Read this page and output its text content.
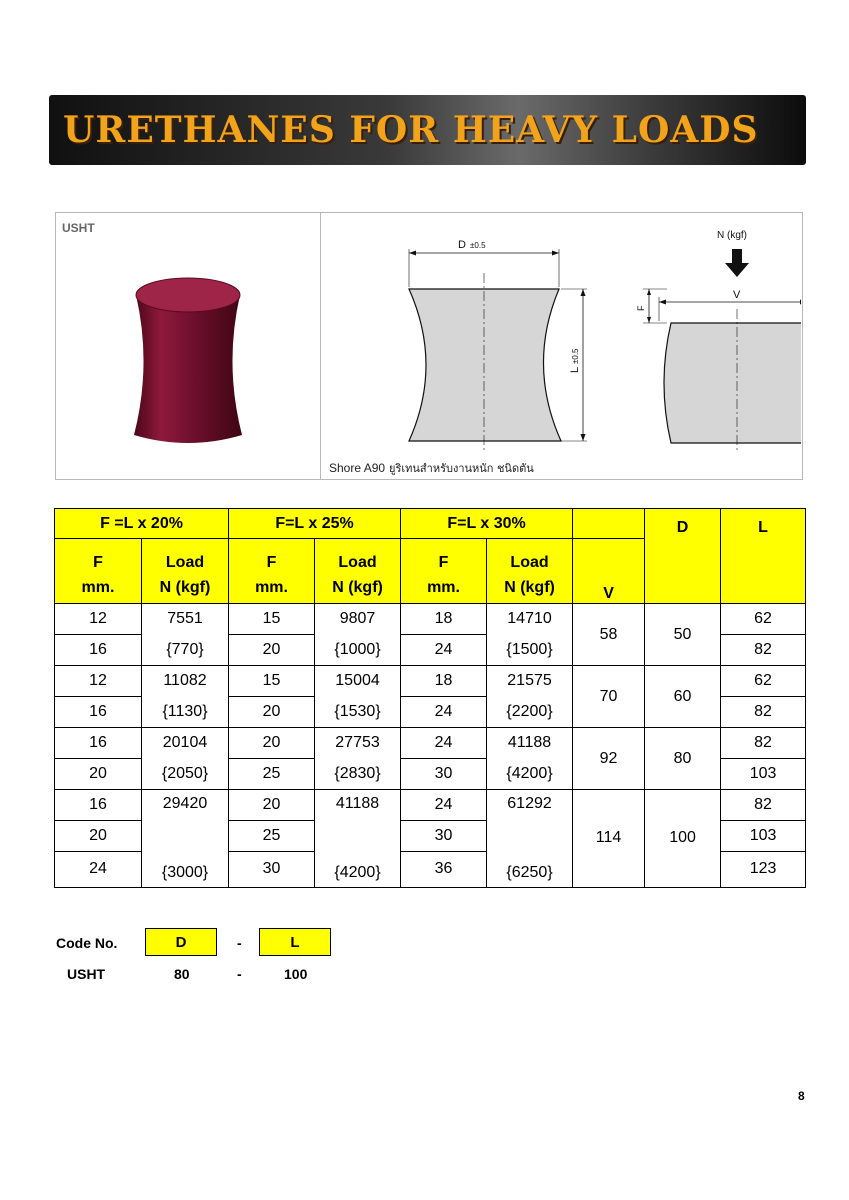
URETHANES FOR HEAVY LOADS
USHT
D ±0.5
L
±0.5
F
V
N (kgf)
Shore A90 ยูริเทนสำหรับงานหนัก ชนิดตัน
F =L x 20%		F=L x 25%		F=L x 30%			D	L
F	Load	F	Load	F	Load	V		
mm.	N (kgf)	mm.	N (kgf)	mm.	N (kgf)			
12	7551	15	9807	18	14710	58	50	62
16	{770}	20	{1000}	24	{1500}			82
12	11082	15	15004	18	21575	70	60	62
16	{1130}	20	{1530}	24	{2200}			82
16	20104	20	27753	24	41188	92	80	82
20	{2050}	25	{2830}	30	{4200}			103
16	29420	20	41188	24	61292	114	100	82
20		25		30				103
24	{3000}	30	{4200}	36	{6250}			123
Code No.	D	-	L
USHT	80	-	100
8
